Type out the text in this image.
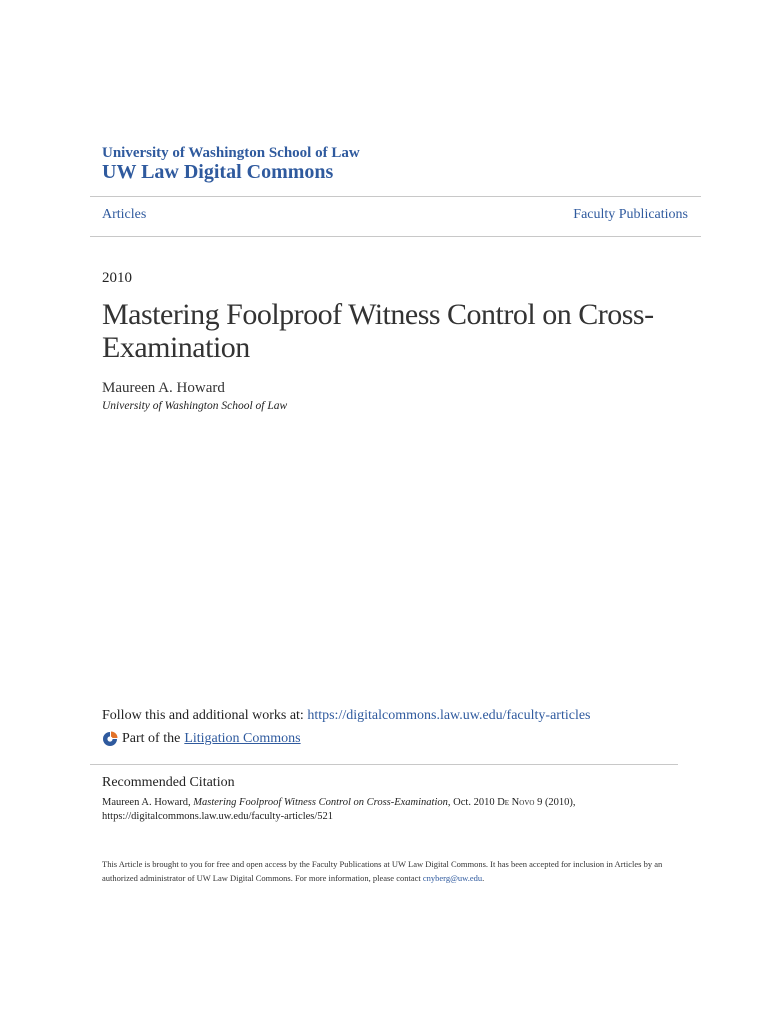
University of Washington School of Law
UW Law Digital Commons
Articles	Faculty Publications
2010
Mastering Foolproof Witness Control on Cross-Examination
Maureen A. Howard
University of Washington School of Law
Follow this and additional works at: https://digitalcommons.law.uw.edu/faculty-articles
Part of the Litigation Commons
Recommended Citation
Maureen A. Howard, Mastering Foolproof Witness Control on Cross-Examination, Oct. 2010 De Novo 9 (2010),
https://digitalcommons.law.uw.edu/faculty-articles/521
This Article is brought to you for free and open access by the Faculty Publications at UW Law Digital Commons. It has been accepted for inclusion in Articles by an authorized administrator of UW Law Digital Commons. For more information, please contact cnyberg@uw.edu.
